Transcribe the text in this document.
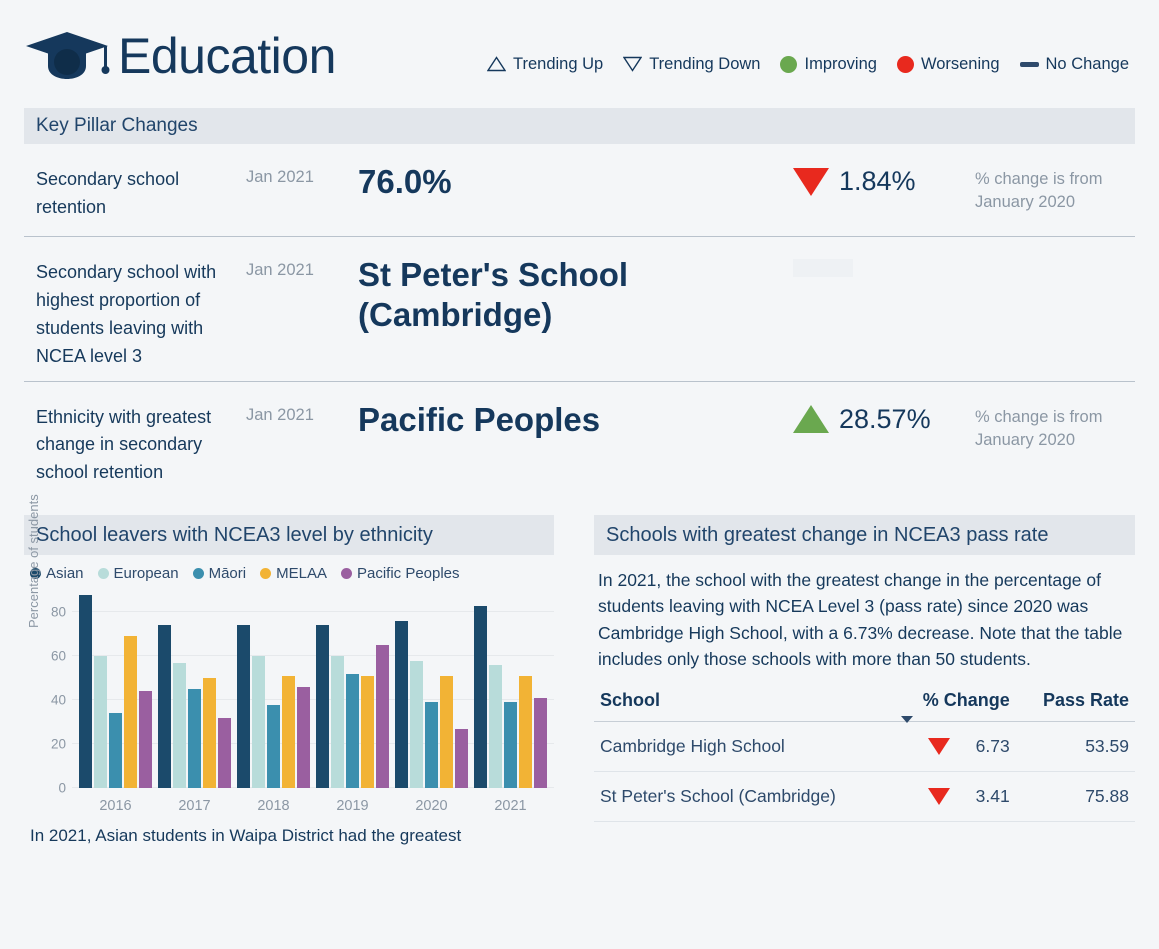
Education	Trending Up	Trending Down	Improving	Worsening	No Change
Key Pillar Changes
Secondary school retention
Jan 2021	76.0%	1.84%	% change is from January 2020
Secondary school with highest proportion of students leaving with NCEA level 3
Jan 2021	St Peter's School (Cambridge)
Ethnicity with greatest change in secondary school retention
Jan 2021	Pacific Peoples	28.57%	% change is from January 2020
School leavers with NCEA3 level by ethnicity
Asian European Māori MELAA Pacific Peoples
Percentage of students
0
20
40
60
80
2016	2017	2018	2019	2020	2021
In 2021, Asian students in Waipa District had the greatest
Schools with greatest change in NCEA3 pass rate
In 2021, the school with the greatest change in the percentage of students leaving with NCEA Level 3 (pass rate) since 2020 was Cambridge High School, with a 6.73% decrease. Note that the table includes only those schools with more than 50 students.
School	% Change	Pass Rate
Cambridge High School	6.73	53.59
St Peter's School (Cambridge)	3.41	75.88
